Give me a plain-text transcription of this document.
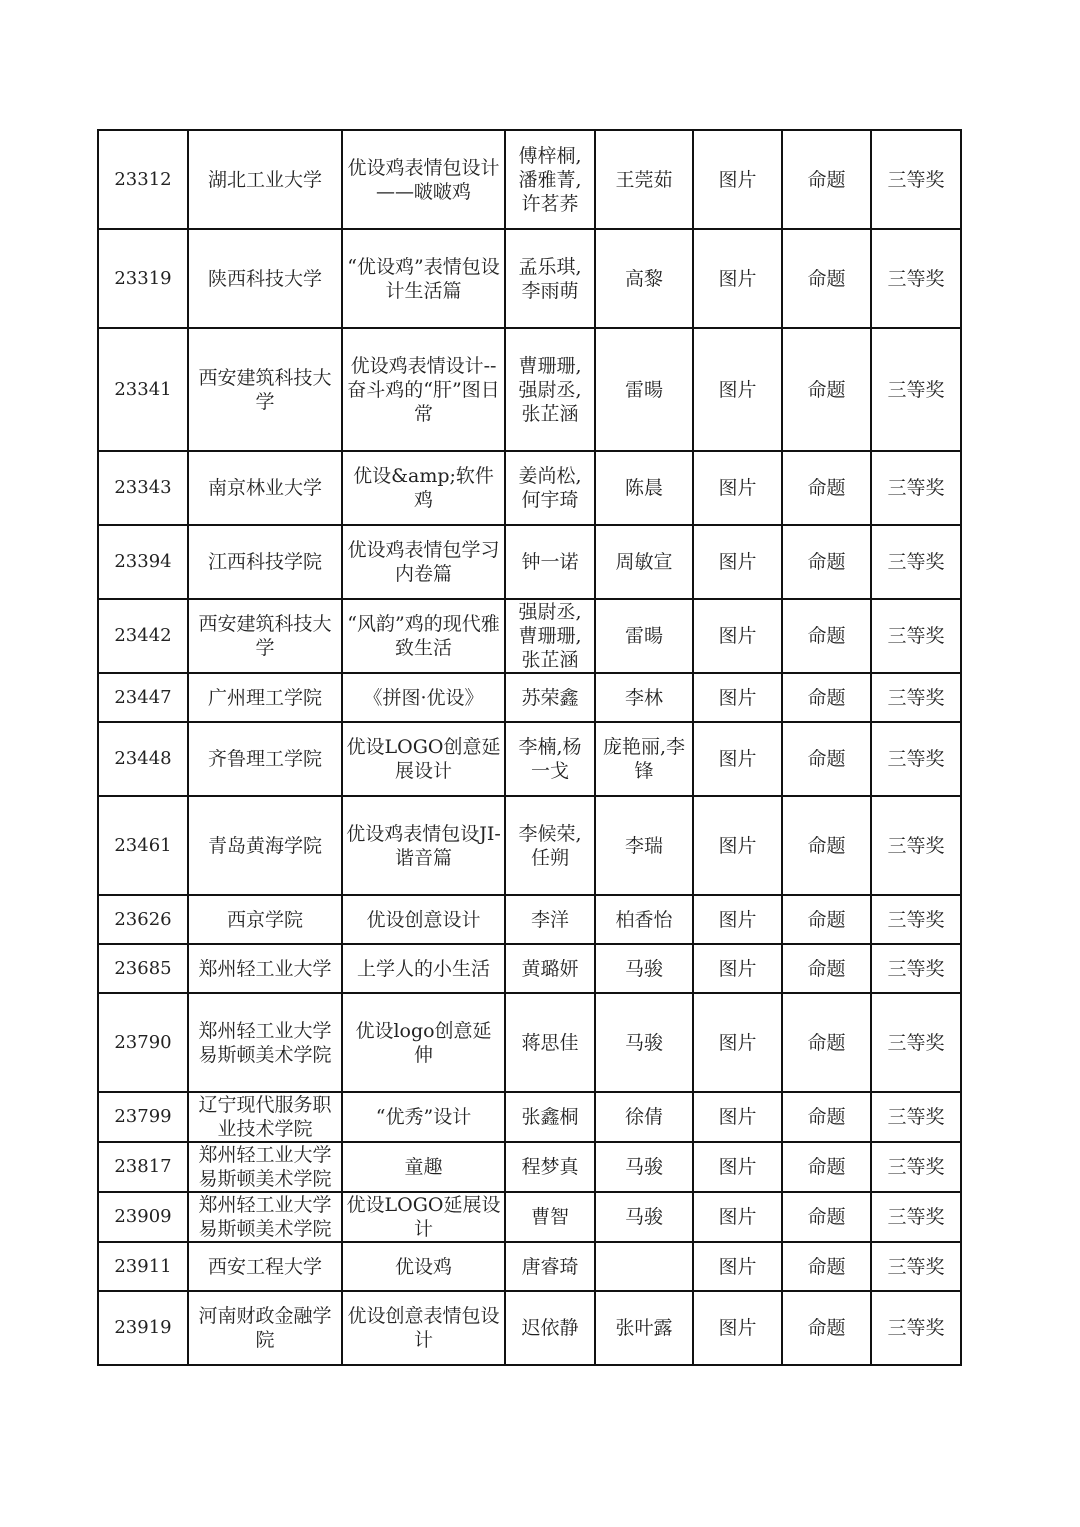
23312	湖北工业大学	优设鸡表情包设计——啵啵鸡	傅梓桐,潘雅菁,许茗荞	王莞茹	图片	命题	三等奖
23319	陕西科技大学	“优设鸡”表情包设计生活篇	孟乐琪,李雨萌	高黎	图片	命题	三等奖
23341	西安建筑科技大学	优设鸡表情设计--奋斗鸡的“肝”图日常	曹珊珊,强尉丞,张芷涵	雷暘	图片	命题	三等奖
23343	南京林业大学	优设&amp;软件鸡	姜尚松,何宇琦	陈晨	图片	命题	三等奖
23394	江西科技学院	优设鸡表情包学习内卷篇	钟一诺	周敏宣	图片	命题	三等奖
23442	西安建筑科技大学	“风韵”鸡的现代雅致生活	强尉丞,曹珊珊,张芷涵	雷暘	图片	命题	三等奖
23447	广州理工学院	《拼图·优设》	苏荣鑫	李林	图片	命题	三等奖
23448	齐鲁理工学院	优设LOGO创意延展设计	李楠,杨一戈	庞艳丽,李锋	图片	命题	三等奖
23461	青岛黄海学院	优设鸡表情包设JI-谐音篇	李候荣,任朔	李瑞	图片	命题	三等奖
23626	西京学院	优设创意设计	李洋	柏香怡	图片	命题	三等奖
23685	郑州轻工业大学	上学人的小生活	黄璐妍	马骏	图片	命题	三等奖
23790	郑州轻工业大学易斯顿美术学院	优设logo创意延伸	蒋思佳	马骏	图片	命题	三等奖
23799	辽宁现代服务职业技术学院	“优秀”设计	张鑫桐	徐倩	图片	命题	三等奖
23817	郑州轻工业大学易斯顿美术学院	童趣	程梦真	马骏	图片	命题	三等奖
23909	郑州轻工业大学易斯顿美术学院	优设LOGO延展设计	曹智	马骏	图片	命题	三等奖
23911	西安工程大学	优设鸡	唐睿琦		图片	命题	三等奖
23919	河南财政金融学院	优设创意表情包设计	迟依静	张叶露	图片	命题	三等奖
